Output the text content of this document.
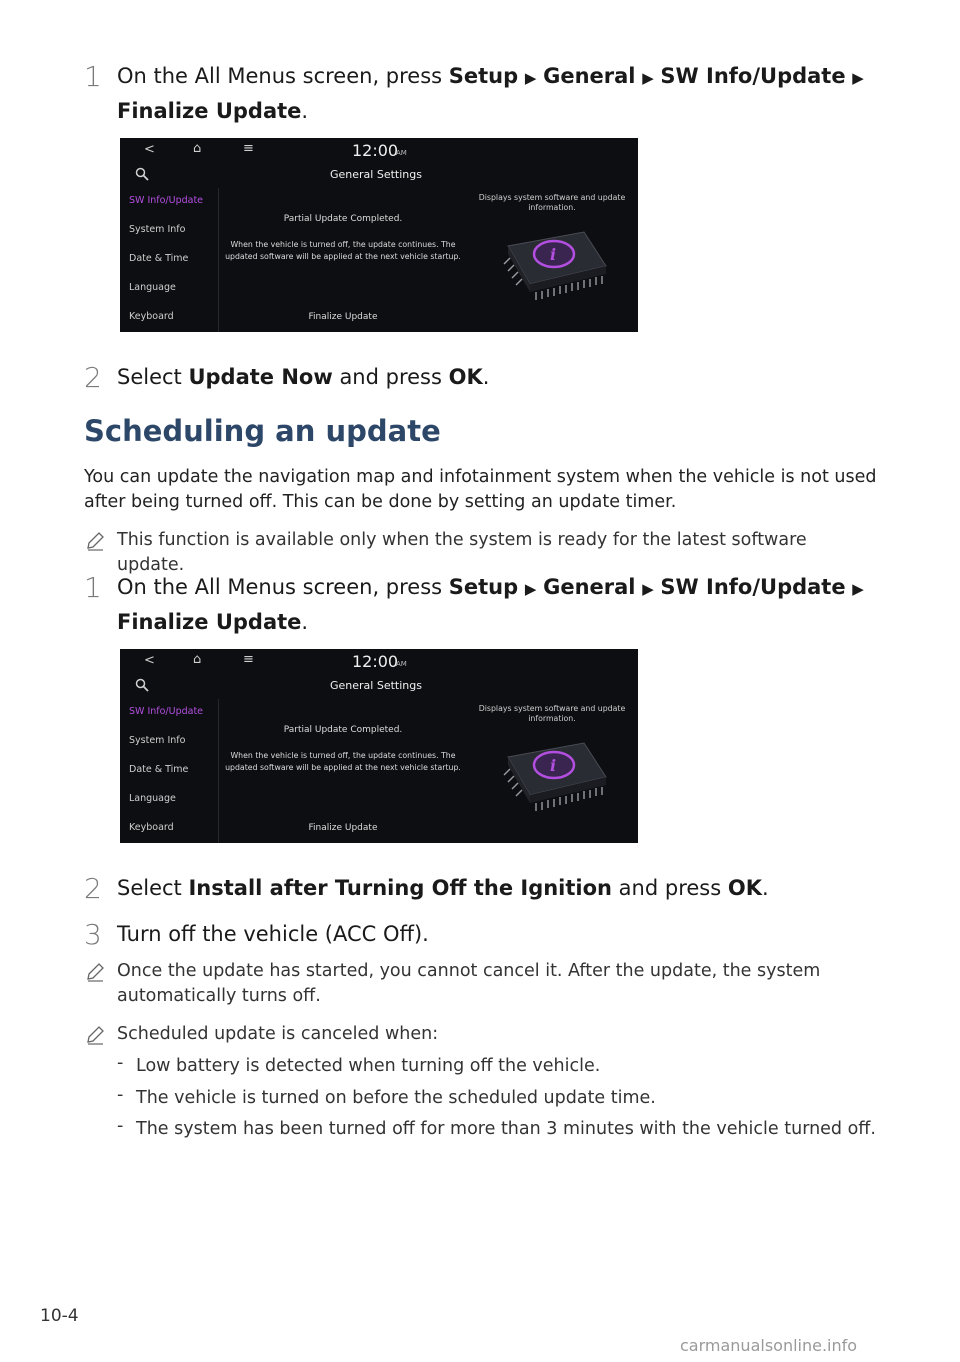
1 On the All Menus screen, press Setup ▶ General ▶ SW Info/Update ▶
Finalize Update.
<	⌂	≡	12:00
AM
General Settings
SW Info/Update
System Info
Date & Time
Language
Keyboard
Partial Update Completed.
When the vehicle is turned off, the update continues. The updated software will be applied at the next vehicle startup.
Finalize Update
Displays system software and update information.
i
2 Select Update Now and press OK.
Scheduling an update
You can update the navigation map and infotainment system when the vehicle is not used after being turned off. This can be done by setting an update timer.
This function is available only when the system is ready for the latest software update.
1 On the All Menus screen, press Setup ▶ General ▶ SW Info/Update ▶
Finalize Update.
<	⌂	≡	12:00
AM
General Settings
SW Info/Update
System Info
Date & Time
Language
Keyboard
Partial Update Completed.
When the vehicle is turned off, the update continues. The updated software will be applied at the next vehicle startup.
Finalize Update
Displays system software and update information.
i
2 Select Install after Turning Off the Ignition and press OK.
3 Turn off the vehicle (ACC Off).
Once the update has started, you cannot cancel it. After the update, the system automatically turns off.
Scheduled update is canceled when:
- Low battery is detected when turning off the vehicle.
- The vehicle is turned on before the scheduled update time.
- The system has been turned off for more than 3 minutes with the vehicle turned off.
10-4
carmanualsonline.info
